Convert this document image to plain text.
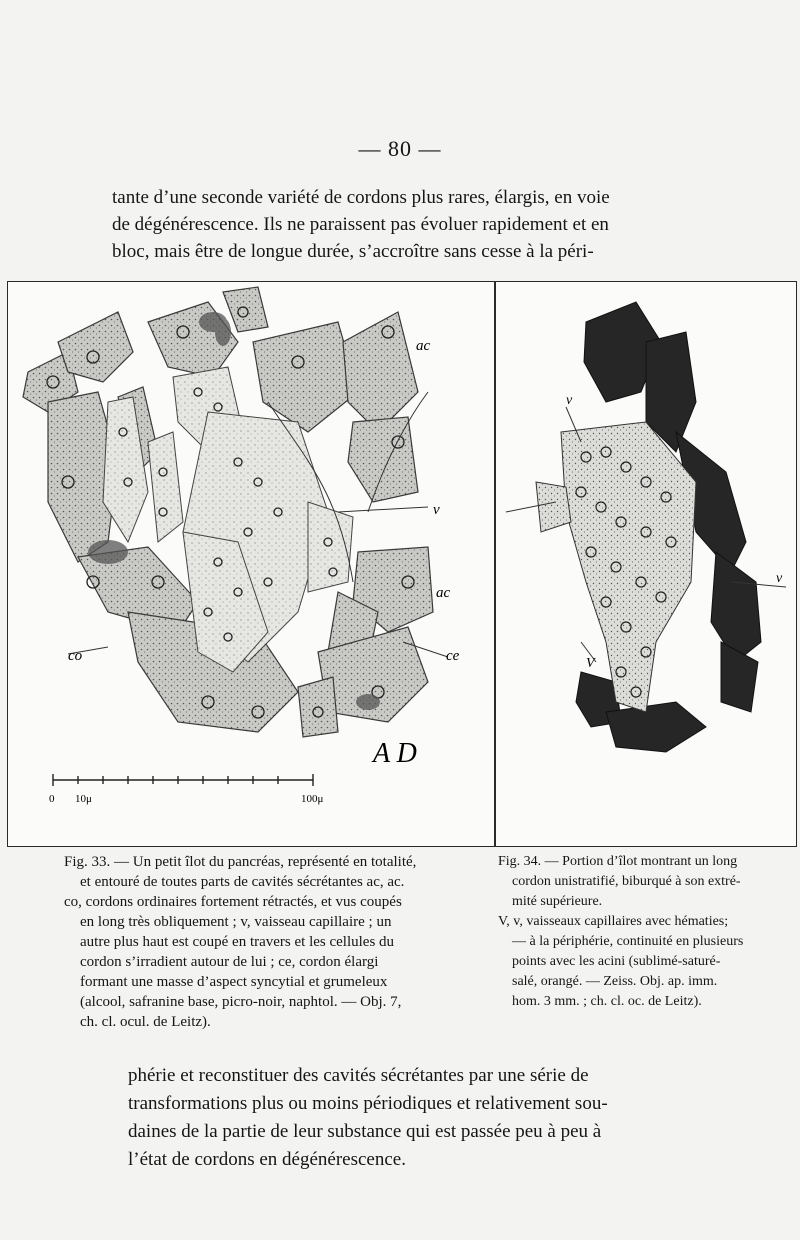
— 80 —
tante d’une seconde variété de cordons plus rares, élargis, en voie
de dégénérescence. Ils ne paraissent pas évoluer rapidement et en
bloc, mais être de longue durée, s’accroître sans cesse à la péri-
ac
v
ac
co	ce
A D
0 10μ	100μ
v
v
V
Fig. 33. — Un petit îlot du pancréas, représenté en totalité,
et entouré de toutes parts de cavités sécrétantes ac, ac.
co, cordons ordinaires fortement rétractés, et vus coupés
en long très obliquement ; v, vaisseau capillaire ; un
autre plus haut est coupé en travers et les cellules du
cordon s’irradient autour de lui ; ce, cordon élargi
formant une masse d’aspect syncytial et grumeleux
(alcool, safranine base, picro-noir, naphtol. — Obj. 7,
ch. cl. ocul. de Leitz).
Fig. 34. — Portion d’îlot montrant un long
cordon unistratifié, biburqué à son extré-
mité supérieure.
V, v, vaisseaux capillaires avec hématies;
— à la périphérie, continuité en plusieurs
points avec les acini (sublimé-saturé-
salé, orangé. — Zeiss. Obj. ap. imm.
hom. 3 mm. ; ch. cl. oc. de Leitz).
phérie et reconstituer des cavités sécrétantes par une série de
transformations plus ou moins périodiques et relativement sou-
daines de la partie de leur substance qui est passée peu à peu à
l’état de cordons en dégénérescence.
